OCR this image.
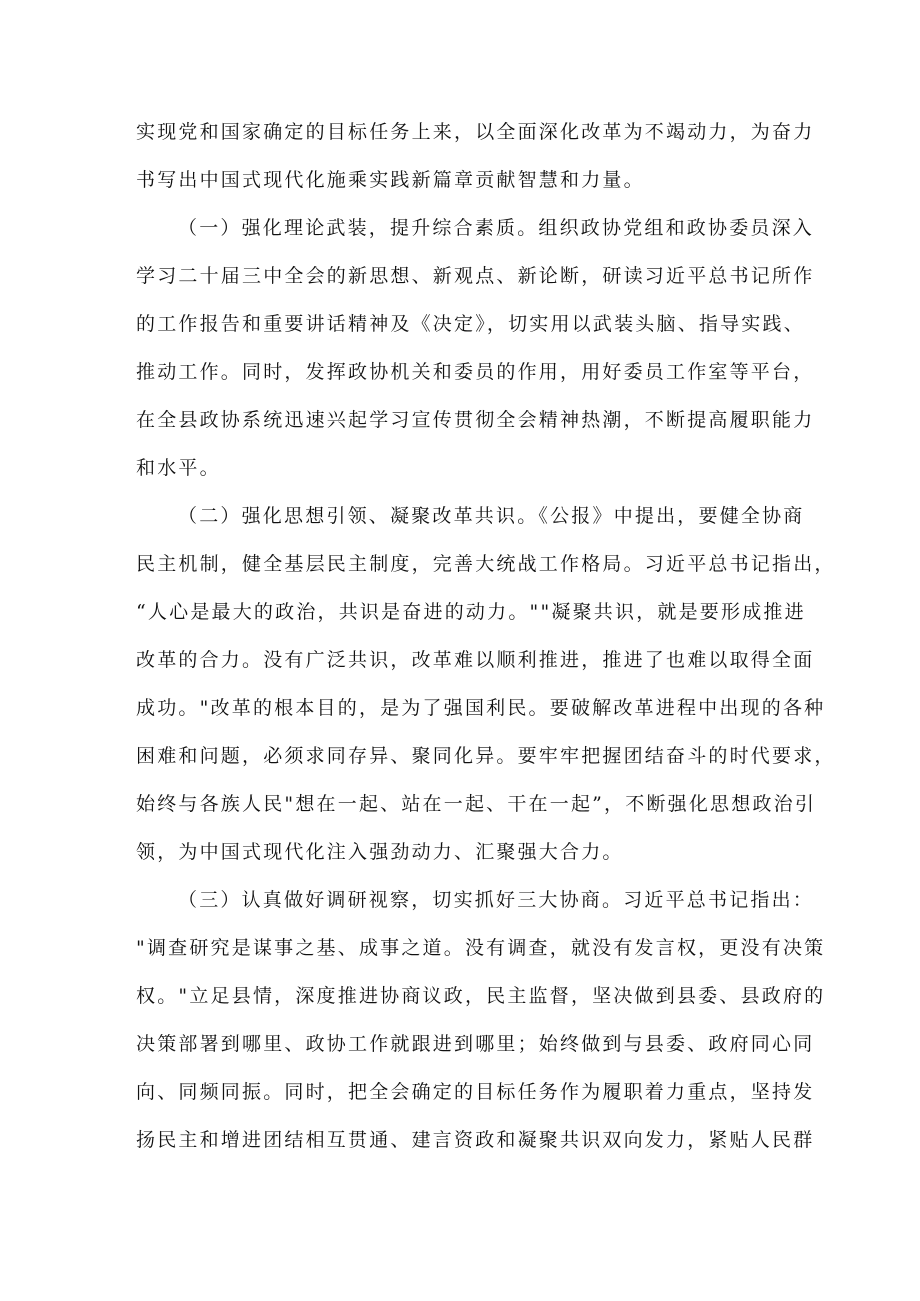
实现党和国家确定的目标任务上来，以全面深化改革为不竭动力，为奋力
书写出中国式现代化施乘实践新篇章贡献智慧和力量。
（一）强化理论武装，提升综合素质。组织政协党组和政协委员深入
学习二十届三中全会的新思想、新观点、新论断，研读习近平总书记所作
的工作报告和重要讲话精神及《决定》，切实用以武装头脑、指导实践、
推动工作。同时，发挥政协机关和委员的作用，用好委员工作室等平台，
在全县政协系统迅速兴起学习宣传贯彻全会精神热潮，不断提高履职能力
和水平。
（二）强化思想引领、凝聚改革共识。《公报》中提出，要健全协商
民主机制，健全基层民主制度，完善大统战工作格局。习近平总书记指出，
“人心是最大的政治，共识是奋进的动力。""凝聚共识，就是要形成推进
改革的合力。没有广泛共识，改革难以顺利推进，推进了也难以取得全面
成功。"改革的根本目的，是为了强国利民。要破解改革进程中出现的各种
困难和问题，必须求同存异、聚同化异。要牢牢把握团结奋斗的时代要求，
始终与各族人民"想在一起、站在一起、干在一起”，不断强化思想政治引
领，为中国式现代化注入强劲动力、汇聚强大合力。
（三）认真做好调研视察，切实抓好三大协商。习近平总书记指出：
"调查研究是谋事之基、成事之道。没有调查，就没有发言权，更没有决策
权。"立足县情，深度推进协商议政，民主监督，坚决做到县委、县政府的
决策部署到哪里、政协工作就跟进到哪里；始终做到与县委、政府同心同
向、同频同振。同时，把全会确定的目标任务作为履职着力重点，坚持发
扬民主和增进团结相互贯通、建言资政和凝聚共识双向发力，紧贴人民群
